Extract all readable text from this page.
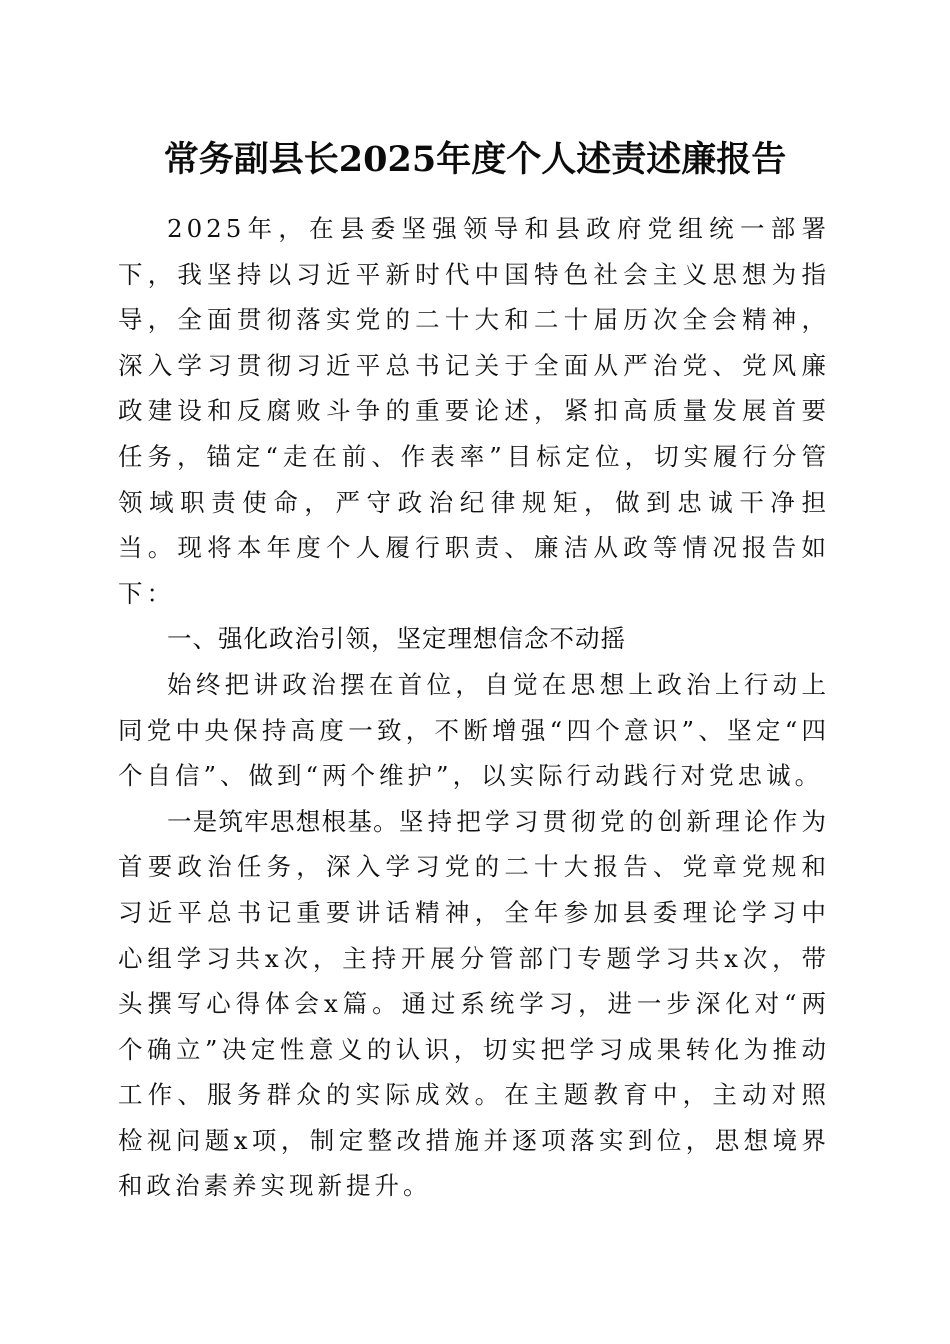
常务副县长2025年度个人述责述廉报告

2025年，在县委坚强领导和县政府党组统一部署下，我坚持以习近平新时代中国特色社会主义思想为指导，全面贯彻落实党的二十大和二十届历次全会精神，深入学习贯彻习近平总书记关于全面从严治党、党风廉政建设和反腐败斗争的重要论述，紧扣高质量发展首要任务，锚定“走在前、作表率”目标定位，切实履行分管领域职责使命，严守政治纪律规矩，做到忠诚干净担当。现将本年度个人履行职责、廉洁从政等情况报告如下：

一、强化政治引领，坚定理想信念不动摇

始终把讲政治摆在首位，自觉在思想上政治上行动上同党中央保持高度一致，不断增强“四个意识”、坚定“四个自信”、做到“两个维护”，以实际行动践行对党忠诚。

一是筑牢思想根基。坚持把学习贯彻党的创新理论作为首要政治任务，深入学习党的二十大报告、党章党规和习近平总书记重要讲话精神，全年参加县委理论学习中心组学习共x次，主持开展分管部门专题学习共x次，带头撰写心得体会x篇。通过系统学习，进一步深化对“两个确立”决定性意义的认识，切实把学习成果转化为推动工作、服务群众的实际成效。在主题教育中，主动对照检视问题x项，制定整改措施并逐项落实到位，思想境界和政治素养实现新提升。
